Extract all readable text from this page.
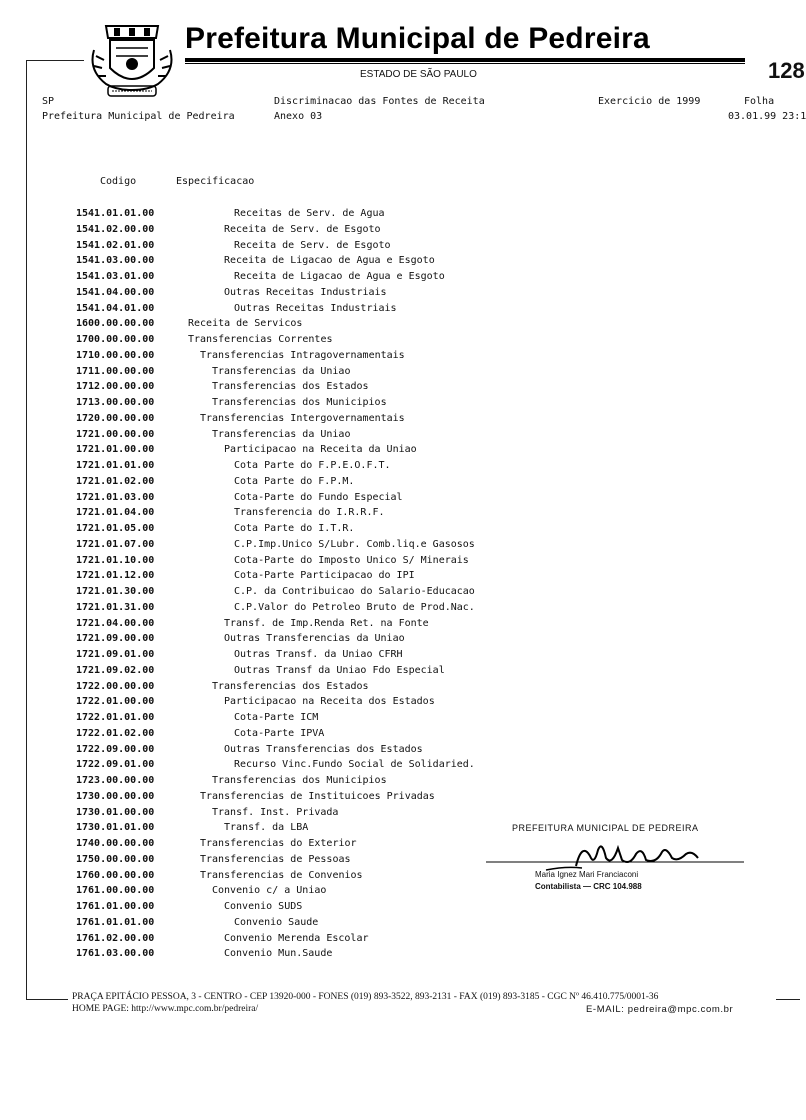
Prefeitura Municipal de Pedreira
ESTADO DE SÃO PAULO	128
SP
Prefeitura Municipal de Pedreira
Discriminacao das Fontes de Receita
Anexo 03
Exercicio de 1999	Folha
03.01.99 23:1
Codigo	Especificacao
1541.01.01.00	Receitas de Serv. de Agua
1541.02.00.00	Receita de Serv. de Esgoto
1541.02.01.00	Receita de Serv. de Esgoto
1541.03.00.00	Receita de Ligacao de Agua e Esgoto
1541.03.01.00	Receita de Ligacao de Agua e Esgoto
1541.04.00.00	Outras Receitas Industriais
1541.04.01.00	Outras Receitas Industriais
1600.00.00.00	Receita de Servicos
1700.00.00.00	Transferencias Correntes
1710.00.00.00	Transferencias Intragovernamentais
1711.00.00.00	Transferencias da Uniao
1712.00.00.00	Transferencias dos Estados
1713.00.00.00	Transferencias dos Municipios
1720.00.00.00	Transferencias Intergovernamentais
1721.00.00.00	Transferencias da Uniao
1721.01.00.00	Participacao na Receita da Uniao
1721.01.01.00	Cota Parte do F.P.E.O.F.T.
1721.01.02.00	Cota Parte do F.P.M.
1721.01.03.00	Cota-Parte do Fundo Especial
1721.01.04.00	Transferencia do I.R.R.F.
1721.01.05.00	Cota Parte do I.T.R.
1721.01.07.00	C.P.Imp.Unico S/Lubr. Comb.liq.e Gasosos
1721.01.10.00	Cota-Parte do Imposto Unico S/ Minerais
1721.01.12.00	Cota-Parte Participacao do IPI
1721.01.30.00	C.P. da Contribuicao do Salario-Educacao
1721.01.31.00	C.P.Valor do Petroleo Bruto de Prod.Nac.
1721.04.00.00	Transf. de Imp.Renda Ret. na Fonte
1721.09.00.00	Outras Transferencias da Uniao
1721.09.01.00	Outras Transf. da Uniao CFRH
1721.09.02.00	Outras Transf da Uniao Fdo Especial
1722.00.00.00	Transferencias dos Estados
1722.01.00.00	Participacao na Receita dos Estados
1722.01.01.00	Cota-Parte ICM
1722.01.02.00	Cota-Parte IPVA
1722.09.00.00	Outras Transferencias dos Estados
1722.09.01.00	Recurso Vinc.Fundo Social de Solidaried.
1723.00.00.00	Transferencias dos Municipios
1730.00.00.00	Transferencias de Instituicoes Privadas
1730.01.00.00	Transf. Inst. Privada
1730.01.01.00	Transf. da LBA
1740.00.00.00	Transferencias do Exterior
1750.00.00.00	Transferencias de Pessoas
1760.00.00.00	Transferencias de Convenios
1761.00.00.00	Convenio c/ a Uniao
1761.01.00.00	Convenio SUDS
1761.01.01.00	Convenio Saude
1761.02.00.00	Convenio Merenda Escolar
1761.03.00.00	Convenio Mun.Saude
PREFEITURA MUNICIPAL DE PEDREIRA
Maria Ignez Mari Franciaconi
Contabilista — CRC 104.988
PRAÇA EPITÁCIO PESSOA, 3 - CENTRO - CEP 13920-000 - FONES (019) 893-3522, 893-2131 - FAX (019) 893-3185 - CGC Nº 46.410.775/0001-36
HOME PAGE: http://www.mpc.com.br/pedreira/	E-MAIL: pedreira@mpc.com.br
